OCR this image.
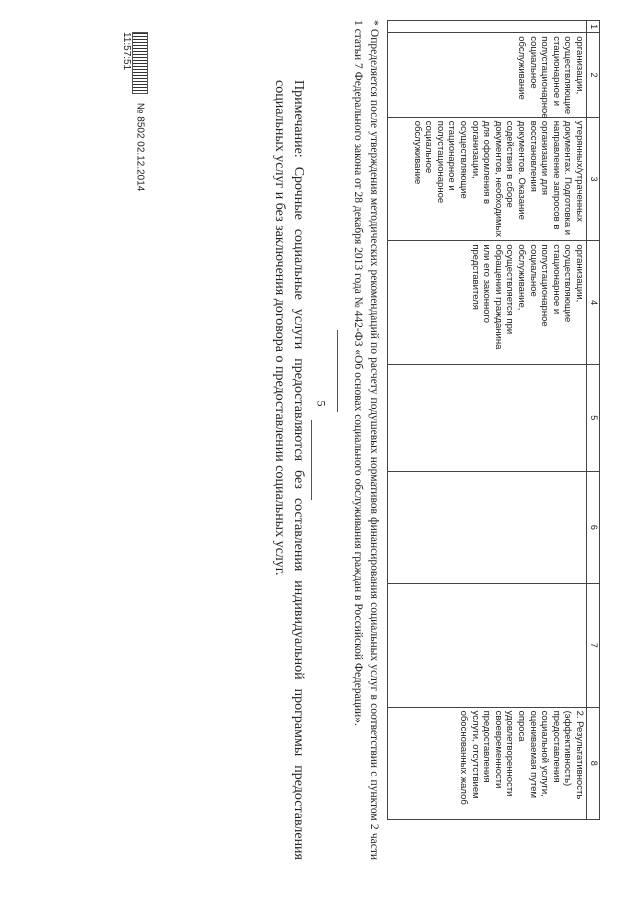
5
1	2	3	4	5	6	7	8
	организации, осуществляющие стационарное и полустационарное социальное обслуживание	утерянных/утраченных документах. Подготовка и направление запросов в организации для восстановления документов. Оказание содействия в сборе документов, необходимых для оформления в организации, осуществляющие стационарное и полустационарное социальное обслуживание	организации, осуществляющие стационарное и полустационарное социальное обслуживание, осуществляется при обращении гражданина или его законного представителя				2. Результативность (эффективность) предоставления социальной услуги, оцениваемая путем опроса удовлетворенности своевременности предоставления услуги, отсутствием обоснованных жалоб
* Определяется после утверждения методических рекомендаций по расчету подушевых нормативов финансирования социальных услуг в соответствии с пунктом 2 части 1 статьи 7 Федерального закона от 28 декабря 2013 года № 442-ФЗ «Об основах социального обслуживания граждан в Российской Федерации».
Примечание: Срочные социальные услуги предоставляются без составления индивидуальной программы предоставления социальных услуг и без заключения договора о предоставлении социальных услуг.
№ 8502 02.12.2014 11:57:51
